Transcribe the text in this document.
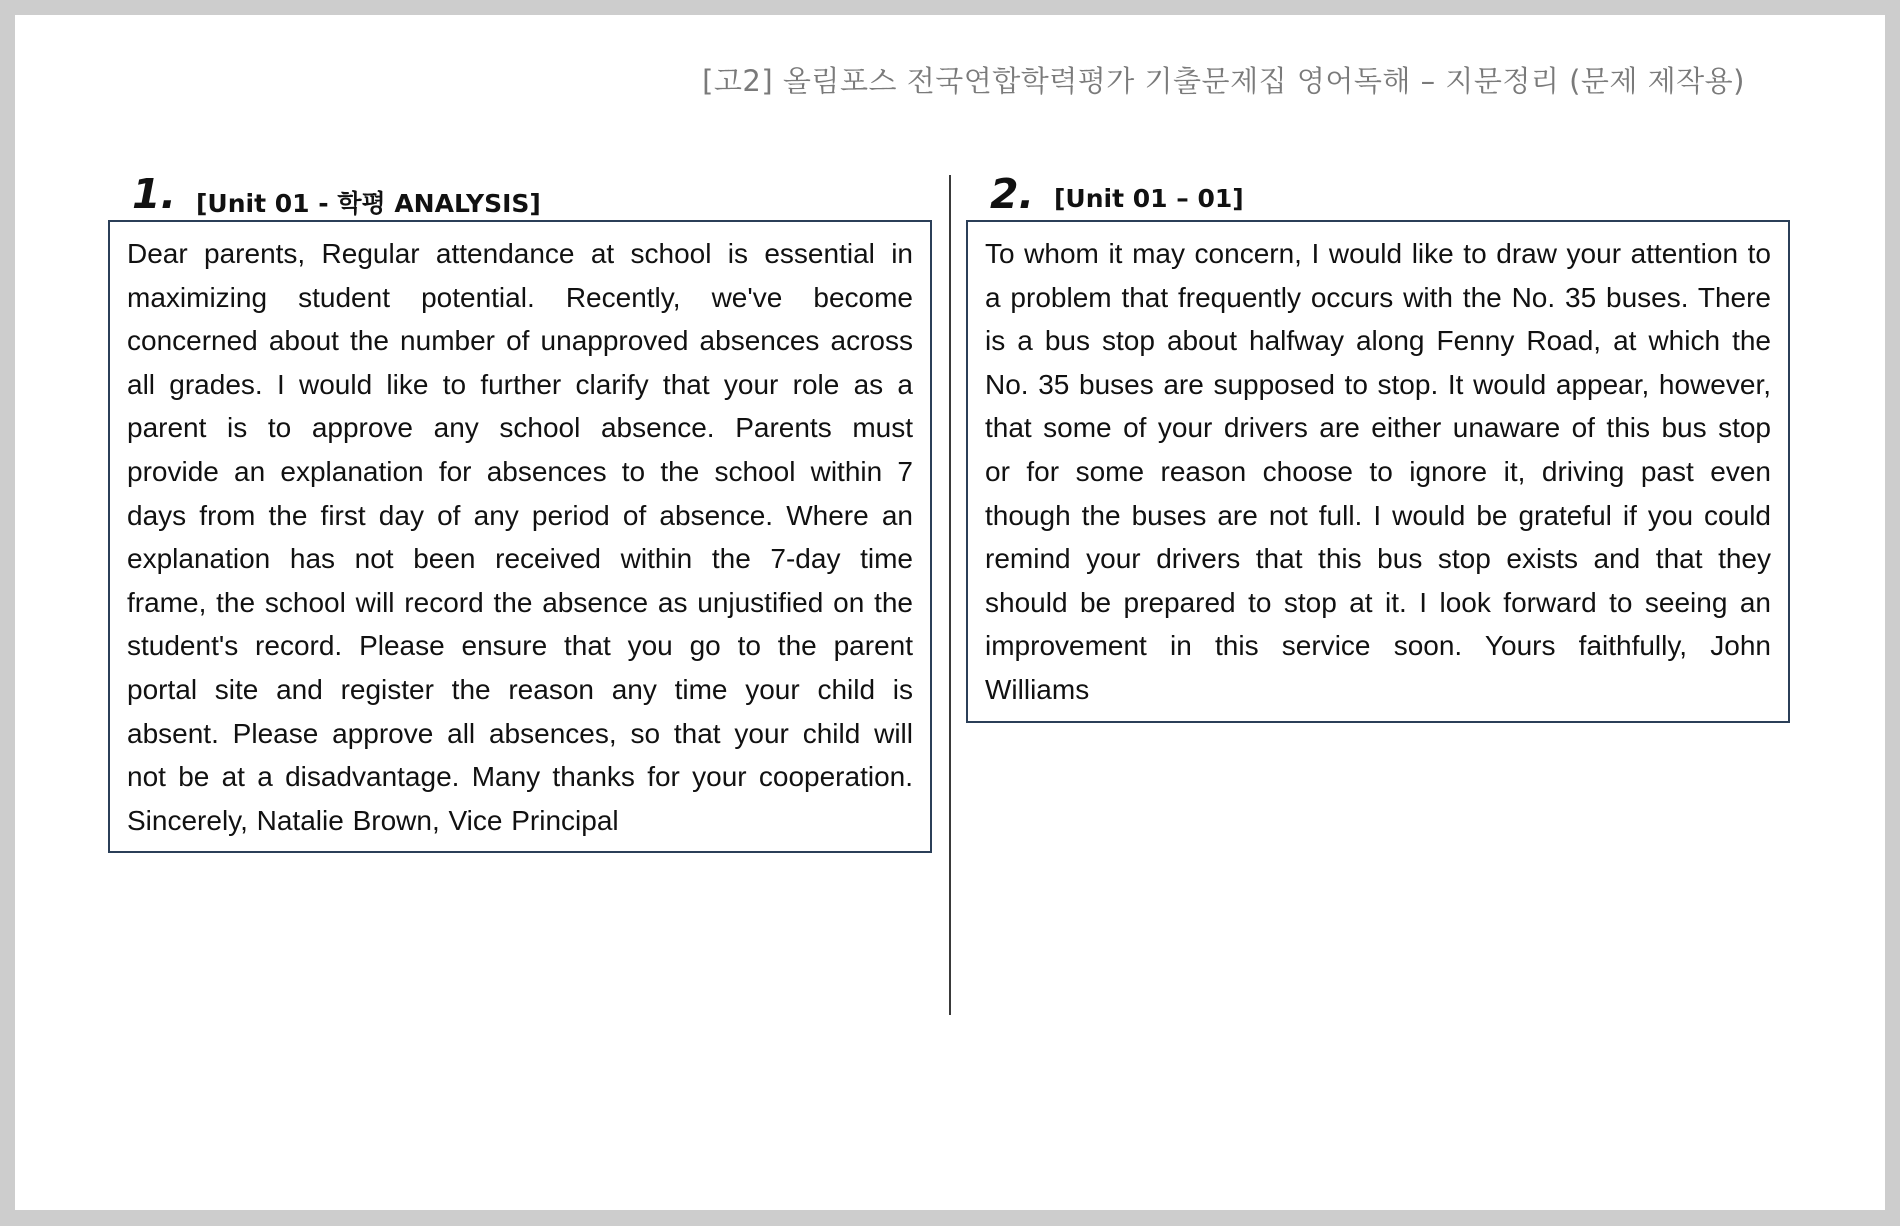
[고2] 올림포스 전국연합학력평가 기출문제집 영어독해 – 지문정리 (문제 제작용)
1. [Unit 01 - 학평 ANALYSIS]

Dear parents, Regular attendance at school is essential in maximizing student potential. Recently, we've become concerned about the number of unapproved absences across all grades. I would like to further clarify that your role as a parent is to approve any school absence. Parents must provide an explanation for absences to the school within 7 days from the first day of any period of absence. Where an explanation has not been received within the 7-day time frame, the school will record the absence as unjustified on the student's record. Please ensure that you go to the parent portal site and register the reason any time your child is absent. Please approve all absences, so that your child will not be at a disadvantage. Many thanks for your cooperation. Sincerely, Natalie Brown, Vice Principal

2. [Unit 01 – 01]

To whom it may concern, I would like to draw your attention to a problem that frequently occurs with the No. 35 buses. There is a bus stop about halfway along Fenny Road, at which the No. 35 buses are supposed to stop. It would appear, however, that some of your drivers are either unaware of this bus stop or for some reason choose to ignore it, driving past even though the buses are not full. I would be grateful if you could remind your drivers that this bus stop exists and that they should be prepared to stop at it. I look forward to seeing an improvement in this service soon. Yours faithfully, John Williams
